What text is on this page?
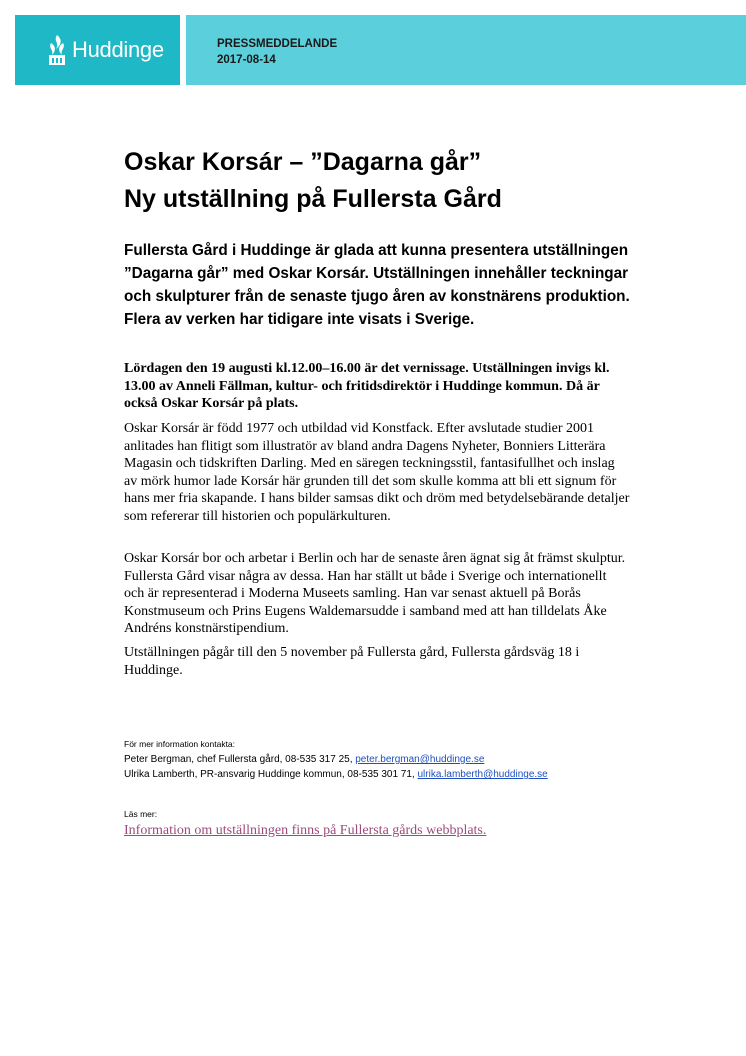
Huddinge	PRESSMEDDELANDE
2017-08-14
Oskar Korsár – ”Dagarna går”
Ny utställning på Fullersta Gård

Fullersta Gård i Huddinge är glada att kunna presentera utställningen ”Dagarna går” med Oskar Korsár. Utställningen innehåller teckningar och skulpturer från de senaste tjugo åren av konstnärens produktion. Flera av verken har tidigare inte visats i Sverige.

Lördagen den 19 augusti kl.12.00–16.00 är det vernissage. Utställningen invigs kl. 13.00 av Anneli Fällman, kultur- och fritidsdirektör i Huddinge kommun. Då är också Oskar Korsár på plats.

Oskar Korsár är född 1977 och utbildad vid Konstfack. Efter avslutade studier 2001 anlitades han flitigt som illustratör av bland andra Dagens Nyheter, Bonniers Litterära Magasin och tidskriften Darling. Med en säregen teckningsstil, fantasifullhet och inslag av mörk humor lade Korsár här grunden till det som skulle komma att bli ett signum för hans mer fria skapande. I hans bilder samsas dikt och dröm med betydelsebärande detaljer som refererar till historien och populärkulturen.

Oskar Korsár bor och arbetar i Berlin och har de senaste åren ägnat sig åt främst skulptur. Fullersta Gård visar några av dessa. Han har ställt ut både i Sverige och internationellt och är representerad i Moderna Museets samling. Han var senast aktuell på Borås Konstmuseum och Prins Eugens Waldemarsudde i samband med att han tilldelats Åke Andréns konstnärstipendium.

Utställningen pågår till den 5 november på Fullersta gård, Fullersta gårdsväg 18 i Huddinge.

För mer information kontakta:
Peter Bergman, chef Fullersta gård, 08-535 317 25, peter.bergman@huddinge.se
Ulrika Lamberth, PR-ansvarig Huddinge kommun, 08-535 301 71, ulrika.lamberth@huddinge.se
Läs mer:
Information om utställningen finns på Fullersta gårds webbplats.
